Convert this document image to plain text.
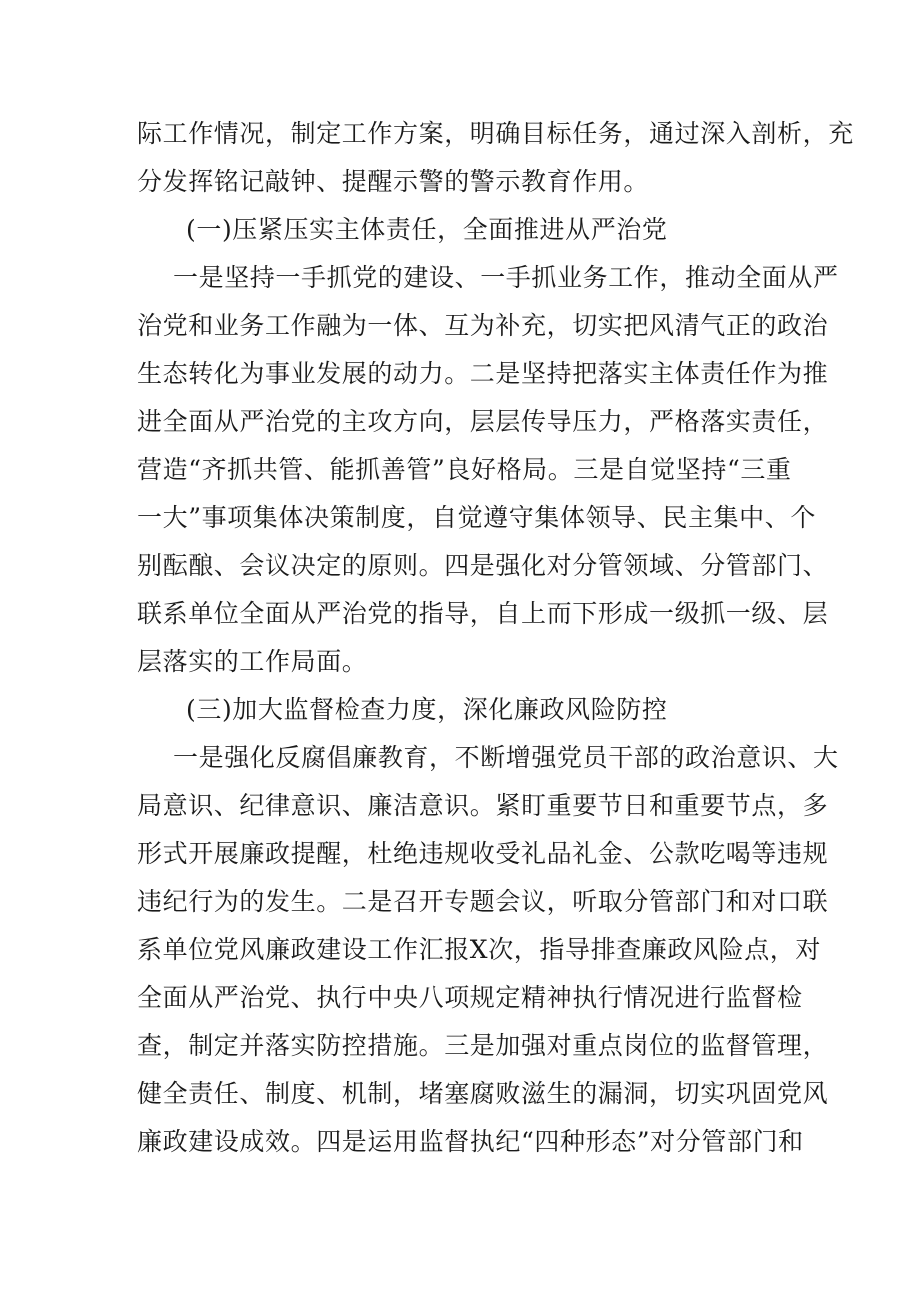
际工作情况，制定工作方案，明确目标任务，通过深入剖析，充
分发挥铭记敲钟、提醒示警的警示教育作用。
(一)压紧压实主体责任，全面推进从严治党
一是坚持一手抓党的建设、一手抓业务工作，推动全面从严
治党和业务工作融为一体、互为补充，切实把风清气正的政治
生态转化为事业发展的动力。二是坚持把落实主体责任作为推
进全面从严治党的主攻方向，层层传导压力，严格落实责任，
营造“齐抓共管、能抓善管”良好格局。三是自觉坚持“三重
一大”事项集体决策制度，自觉遵守集体领导、民主集中、个
别酝酿、会议决定的原则。四是强化对分管领域、分管部门、
联系单位全面从严治党的指导，自上而下形成一级抓一级、层
层落实的工作局面。
(三)加大监督检查力度，深化廉政风险防控
一是强化反腐倡廉教育，不断增强党员干部的政治意识、大
局意识、纪律意识、廉洁意识。紧盯重要节日和重要节点，多
形式开展廉政提醒，杜绝违规收受礼品礼金、公款吃喝等违规
违纪行为的发生。二是召开专题会议，听取分管部门和对口联
系单位党风廉政建设工作汇报X次，指导排查廉政风险点，对
全面从严治党、执行中央八项规定精神执行情况进行监督检
查，制定并落实防控措施。三是加强对重点岗位的监督管理，
健全责任、制度、机制，堵塞腐败滋生的漏洞，切实巩固党风
廉政建设成效。四是运用监督执纪“四种形态”对分管部门和
